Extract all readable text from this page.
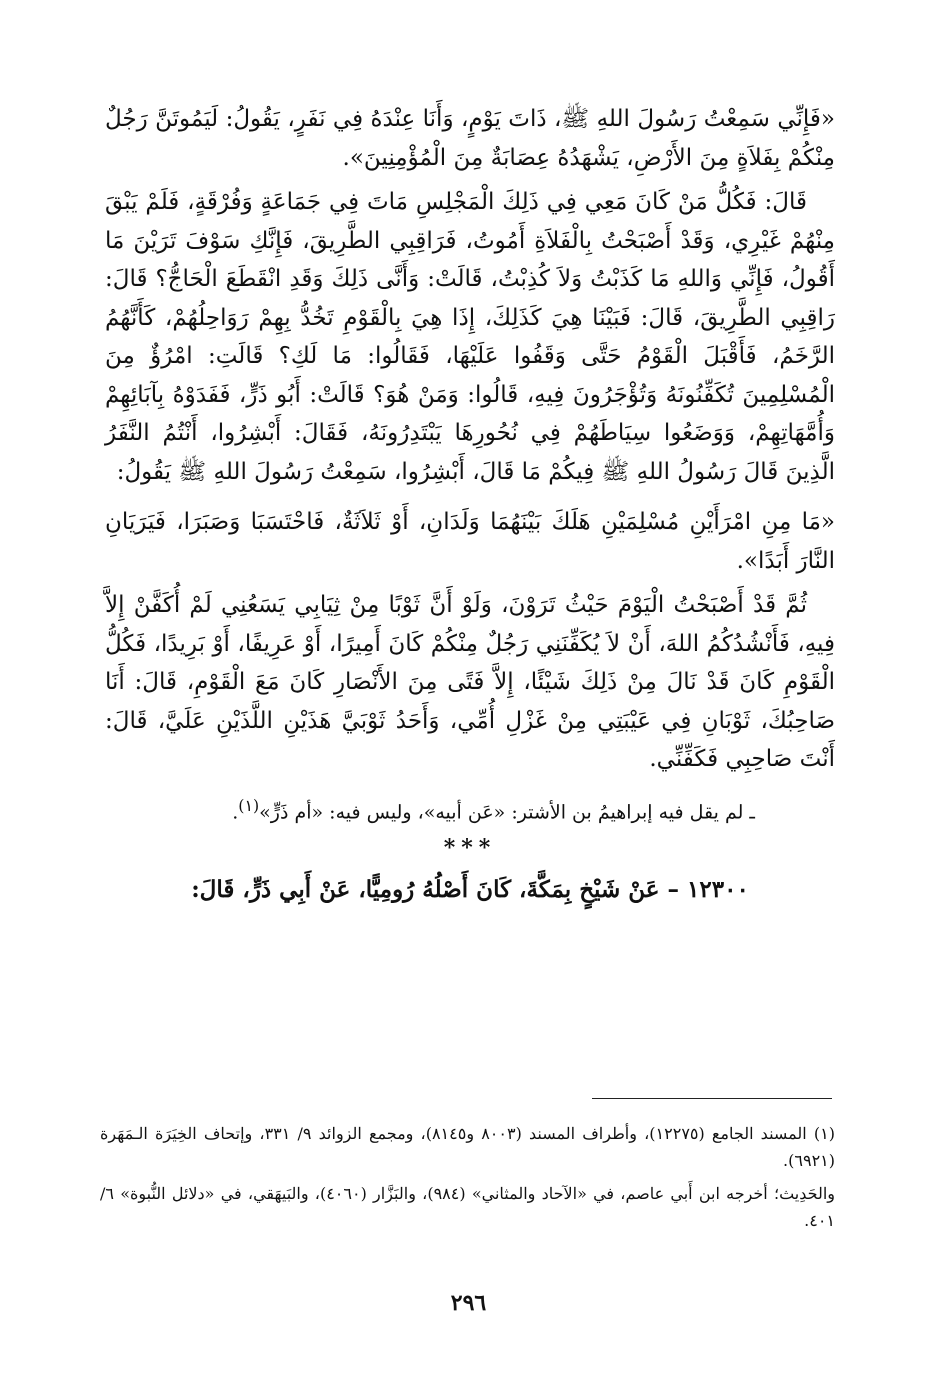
«فَإِنِّي سَمِعْتُ رَسُولَ اللهِ ﷺ، ذَاتَ يَوْمٍ، وَأَنَا عِنْدَهُ فِي نَفَرٍ، يَقُولُ: لَيَمُوتَنَّ رَجُلٌ مِنْكُمْ بِفَلاَةٍ مِنَ الأَرْضِ، يَشْهَدُهُ عِصَابَةٌ مِنَ الْمُؤْمِنِينَ».

قَالَ: فَكُلُّ مَنْ كَانَ مَعِي فِي ذَلِكَ الْمَجْلِسِ مَاتَ فِي جَمَاعَةٍ وَفُرْقَةٍ، فَلَمْ يَبْقَ مِنْهُمْ غَيْرِي، وَقَدْ أَصْبَحْتُ بِالْفَلاَةِ أَمُوتُ، فَرَاقِبِي الطَّرِيقَ، فَإِنَّكِ سَوْفَ تَرَيْنَ مَا أَقُولُ، فَإِنِّي وَاللهِ مَا كَذَبْتُ وَلاَ كُذِبْتُ، قَالَتْ: وَأَنَّى ذَلِكَ وَقَدِ انْقَطَعَ الْحَاجُّ؟ قَالَ: رَاقِبِي الطَّرِيقَ، قَالَ: فَبَيْنَا هِيَ كَذَلِكَ، إِذَا هِيَ بِالْقَوْمِ تَخُدُّ بِهِمْ رَوَاحِلُهُمْ، كَأَنَّهُمُ الرَّخَمُ، فَأَقْبَلَ الْقَوْمُ حَتَّى وَقَفُوا عَلَيْهَا، فَقَالُوا: مَا لَكِ؟ قَالَتِ: امْرُؤٌ مِنَ الْمُسْلِمِينَ تُكَفِّنُونَهُ وَتُؤْجَرُونَ فِيهِ، قَالُوا: وَمَنْ هُوَ؟ قَالَتْ: أَبُو ذَرٍّ، فَفَدَوْهُ بِآبَائِهِمْ وَأُمَّهَاتِهِمْ، وَوَضَعُوا سِيَاطَهُمْ فِي نُحُورِهَا يَبْتَدِرُونَهُ، فَقَالَ: أَبْشِرُوا، أَنْتُمُ النَّفَرُ الَّذِينَ قَالَ رَسُولُ اللهِ ﷺ فِيكُمْ مَا قَالَ، أَبْشِرُوا، سَمِعْتُ رَسُولَ اللهِ ﷺ يَقُولُ:

«مَا مِنِ امْرَأَيْنِ مُسْلِمَيْنِ هَلَكَ بَيْنَهُمَا وَلَدَانِ، أَوْ ثَلاَثَةٌ، فَاحْتَسَبَا وَصَبَرَا، فَيَرَيَانِ النَّارَ أَبَدًا».

ثُمَّ قَدْ أَصْبَحْتُ الْيَوْمَ حَيْثُ تَرَوْنَ، وَلَوْ أَنَّ ثَوْبًا مِنْ ثِيَابِي يَسَعُنِي لَمْ أُكَفَّنْ إِلاَّ فِيهِ، فَأَنْشُدُكُمُ اللهَ، أَنْ لاَ يُكَفِّنَنِي رَجُلٌ مِنْكُمْ كَانَ أَمِيرًا، أَوْ عَرِيفًا، أَوْ بَرِيدًا، فَكُلُّ الْقَوْمِ كَانَ قَدْ نَالَ مِنْ ذَلِكَ شَيْئًا، إِلاَّ فَتًى مِنَ الأَنْصَارِ كَانَ مَعَ الْقَوْمِ، قَالَ: أَنَا صَاحِبُكَ، ثَوْبَانِ فِي عَيْبَتِي مِنْ غَزْلِ أُمِّي، وَأَحَدُ ثَوْبَيَّ هَذَيْنِ اللَّذَيْنِ عَلَيَّ، قَالَ: أَنْتَ صَاحِبِي فَكَفِّنِّي.

ـ لم يقل فيه إبراهيمُ بن الأشتر: «عَن أبيه»، وليس فيه: «أم ذَرٍّ»$^{(١)}$.
***

١٢٣٠٠ – عَنْ شَيْخٍ بِمَكَّةَ، كَانَ أَصْلُهُ رُومِيًّا، عَنْ أَبِي ذَرٍّ، قَالَ:

(١) المسند الجامع (١٢٢٧٥)، وأطراف المسند (٨٠٠٣ و٨١٤٥)، ومجمع الزوائد ٩/ ٣٣١، وإتحاف الخِيَرَة الـمَهَرة (٦٩٢١).

والحَدِيث؛ أخرجه ابن أَبي عاصم، في «الآحاد والمثاني» (٩٨٤)، والبَزَّار (٤٠٦٠)، والبَيهَقي، في «دلائل النُّبوة» ٦/ ٤٠١.

٢٩٦
